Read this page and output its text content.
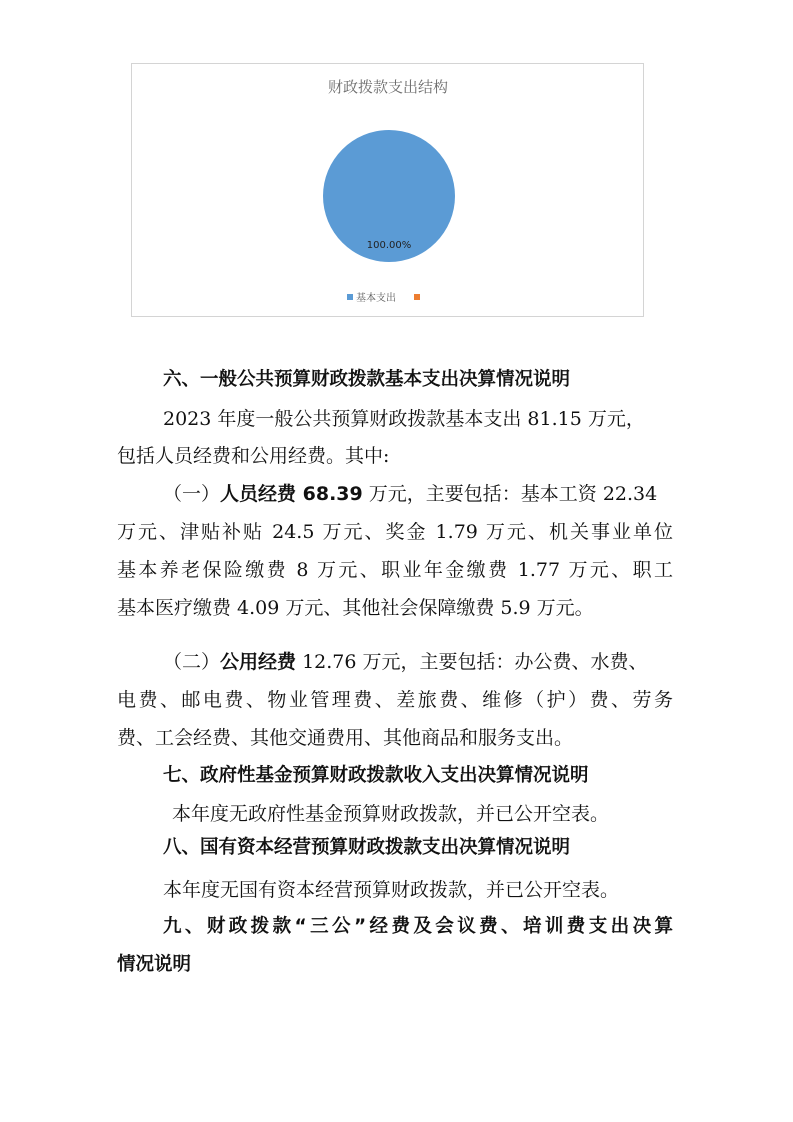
财政拨款支出结构
100.00%
基本支出
六、一般公共预算财政拨款基本支出决算情况说明
2023 年度一般公共预算财政拨款基本支出 81.15 万元，
包括人员经费和公用经费。其中:
（一）人员经费 68.39 万元，主要包括：基本工资 22.34
万元、津贴补贴 24.5 万元、奖金 1.79 万元、机关事业单位
基本养老保险缴费 8 万元、职业年金缴费 1.77 万元、职工
基本医疗缴费 4.09 万元、其他社会保障缴费 5.9 万元。
（二）公用经费 12.76 万元，主要包括：办公费、水费、
电费、邮电费、物业管理费、差旅费、维修（护）费、劳务
费、工会经费、其他交通费用、其他商品和服务支出。
七、政府性基金预算财政拨款收入支出决算情况说明
本年度无政府性基金预算财政拨款，并已公开空表。
八、国有资本经营预算财政拨款支出决算情况说明
本年度无国有资本经营预算财政拨款，并已公开空表。
九、财政拨款“三公”经费及会议费、培训费支出决算
情况说明
